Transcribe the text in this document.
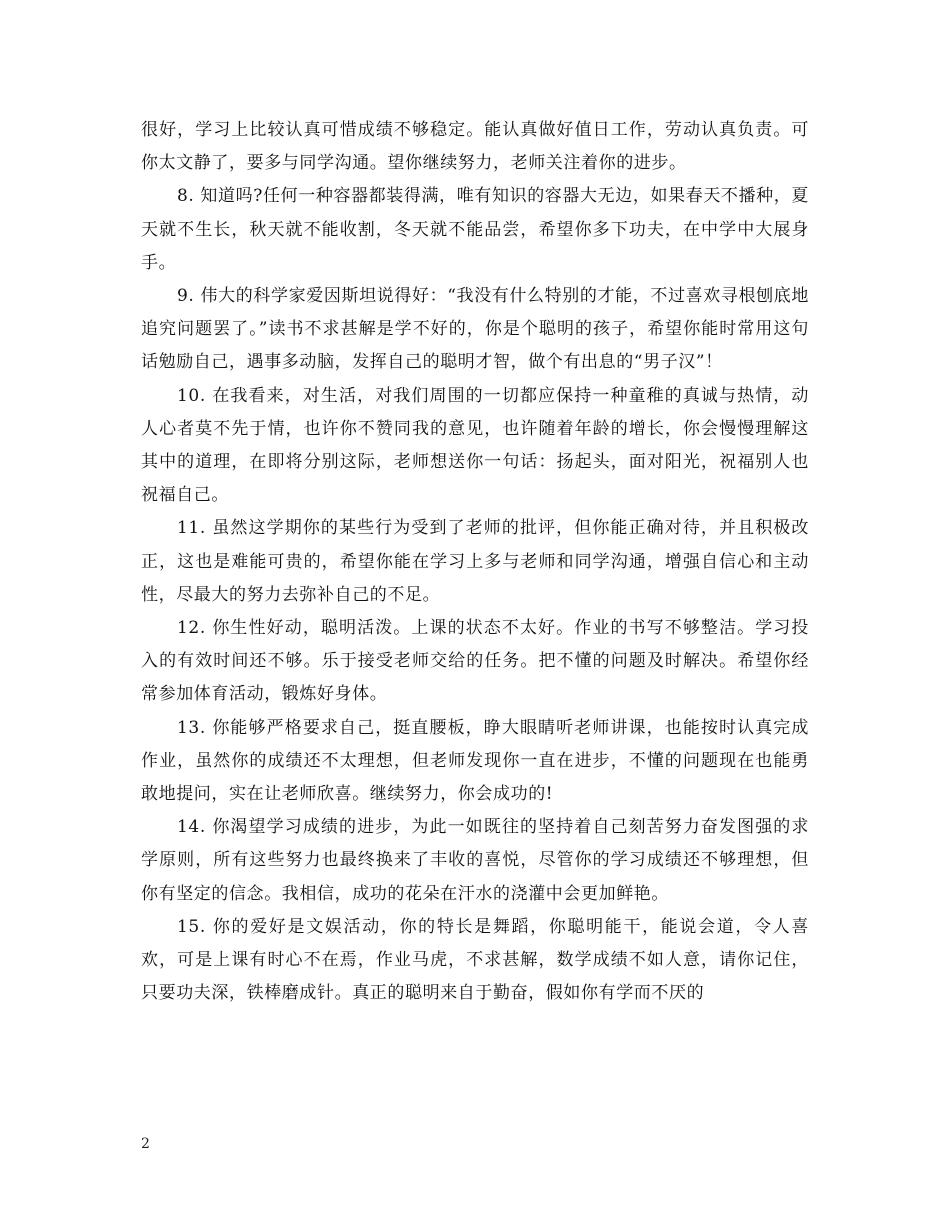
很好，学习上比较认真可惜成绩不够稳定。能认真做好值日工作，劳动认真负责。可你太文静了，要多与同学沟通。望你继续努力，老师关注着你的进步。

8. 知道吗?任何一种容器都装得满，唯有知识的容器大无边，如果春天不播种，夏天就不生长，秋天就不能收割，冬天就不能品尝，希望你多下功夫，在中学中大展身手。

9. 伟大的科学家爱因斯坦说得好：“我没有什么特别的才能，不过喜欢寻根刨底地追究问题罢了。”读书不求甚解是学不好的，你是个聪明的孩子，希望你能时常用这句话勉励自己，遇事多动脑，发挥自己的聪明才智，做个有出息的“男子汉”！

10. 在我看来，对生活，对我们周围的一切都应保持一种童稚的真诚与热情，动人心者莫不先于情，也许你不赞同我的意见，也许随着年龄的增长，你会慢慢理解这其中的道理，在即将分别这际，老师想送你一句话：扬起头，面对阳光，祝福别人也祝福自己。

11. 虽然这学期你的某些行为受到了老师的批评，但你能正确对待，并且积极改正，这也是难能可贵的，希望你能在学习上多与老师和同学沟通，增强自信心和主动性，尽最大的努力去弥补自己的不足。

12. 你生性好动，聪明活泼。上课的状态不太好。作业的书写不够整洁。学习投入的有效时间还不够。乐于接受老师交给的任务。把不懂的问题及时解决。希望你经常参加体育活动，锻炼好身体。

13. 你能够严格要求自己，挺直腰板，睁大眼睛听老师讲课，也能按时认真完成作业，虽然你的成绩还不太理想，但老师发现你一直在进步，不懂的问题现在也能勇敢地提问，实在让老师欣喜。继续努力，你会成功的!

14. 你渴望学习成绩的进步，为此一如既往的坚持着自己刻苦努力奋发图强的求学原则，所有这些努力也最终换来了丰收的喜悦，尽管你的学习成绩还不够理想，但你有坚定的信念。我相信，成功的花朵在汗水的浇灌中会更加鲜艳。

15. 你的爱好是文娱活动，你的特长是舞蹈，你聪明能干，能说会道，令人喜欢，可是上课有时心不在焉，作业马虎，不求甚解，数学成绩不如人意，请你记住，只要功夫深，铁棒磨成针。真正的聪明来自于勤奋，假如你有学而不厌的

2
